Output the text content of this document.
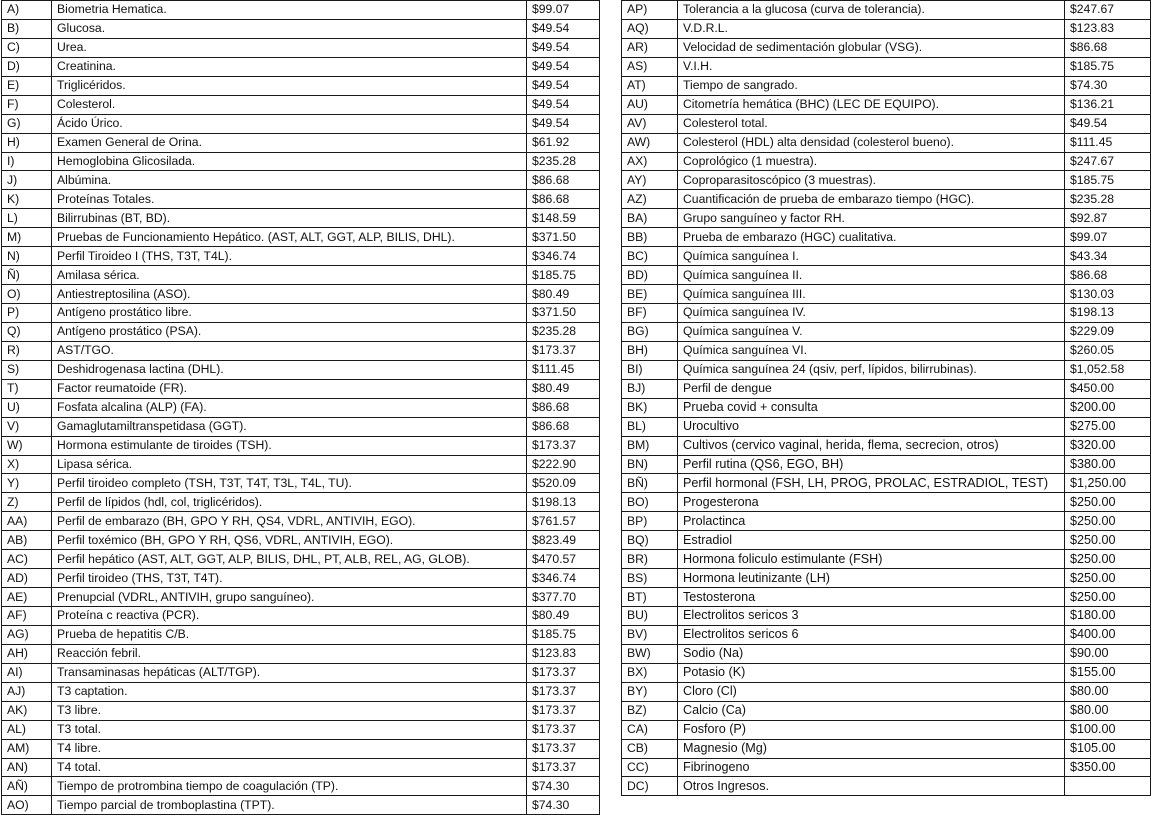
A)	Biometria Hematica.	$99.07
B)	Glucosa.	$49.54
C)	Urea.	$49.54
D)	Creatinina.	$49.54
E)	Triglicéridos.	$49.54
F)	Colesterol.	$49.54
G)	Ácido Úrico.	$49.54
H)	Examen General de Orina.	$61.92
I)	Hemoglobina Glicosilada.	$235.28
J)	Albúmina.	$86.68
K)	Proteínas Totales.	$86.68
L)	Bilirrubinas (BT, BD).	$148.59
M)	Pruebas de Funcionamiento Hepático. (AST, ALT, GGT, ALP, BILIS, DHL).	$371.50
N)	Perfil Tiroideo I (THS, T3T, T4L).	$346.74
Ñ)	Amilasa sérica.	$185.75
O)	Antiestreptosilina (ASO).	$80.49
P)	Antígeno prostático libre.	$371.50
Q)	Antígeno prostático (PSA).	$235.28
R)	AST/TGO.	$173.37
S)	Deshidrogenasa lactina (DHL).	$111.45
T)	Factor reumatoide (FR).	$80.49
U)	Fosfata alcalina (ALP) (FA).	$86.68
V)	Gamaglutamiltranspetidasa (GGT).	$86.68
W)	Hormona estimulante de tiroides (TSH).	$173.37
X)	Lipasa sérica.	$222.90
Y)	Perfil tiroideo completo (TSH, T3T, T4T, T3L, T4L, TU).	$520.09
Z)	Perfil de lípidos (hdl, col, triglicéridos).	$198.13
AA)	Perfil de embarazo (BH, GPO Y RH, QS4, VDRL, ANTIVIH, EGO).	$761.57
AB)	Perfil toxémico (BH, GPO Y RH, QS6, VDRL, ANTIVIH, EGO).	$823.49
AC)	Perfil hepático (AST, ALT, GGT, ALP, BILIS, DHL, PT, ALB, REL, AG, GLOB).	$470.57
AD)	Perfil tiroideo (THS, T3T, T4T).	$346.74
AE)	Prenupcial (VDRL, ANTIVIH, grupo sanguíneo).	$377.70
AF)	Proteína c reactiva (PCR).	$80.49
AG)	Prueba de hepatitis C/B.	$185.75
AH)	Reacción febril.	$123.83
AI)	Transaminasas hepáticas (ALT/TGP).	$173.37
AJ)	T3 captation.	$173.37
AK)	T3 libre.	$173.37
AL)	T3 total.	$173.37
AM)	T4 libre.	$173.37
AN)	T4 total.	$173.37
AÑ)	Tiempo de protrombina tiempo de coagulación (TP).	$74.30
AO)	Tiempo parcial de tromboplastina (TPT).	$74.30
AP)	Tolerancia a la glucosa (curva de tolerancia).	$247.67
AQ)	V.D.R.L.	$123.83
AR)	Velocidad de sedimentación globular (VSG).	$86.68
AS)	V.I.H.	$185.75
AT)	Tiempo de sangrado.	$74.30
AU)	Citometría hemática (BHC) (LEC DE EQUIPO).	$136.21
AV)	Colesterol total.	$49.54
AW)	Colesterol (HDL) alta densidad (colesterol bueno).	$111.45
AX)	Coprológico (1 muestra).	$247.67
AY)	Coproparasitoscópico (3 muestras).	$185.75
AZ)	Cuantificación de prueba de embarazo tiempo (HGC).	$235.28
BA)	Grupo sanguíneo y factor RH.	$92.87
BB)	Prueba de embarazo (HGC) cualitativa.	$99.07
BC)	Química sanguínea I.	$43.34
BD)	Química sanguínea II.	$86.68
BE)	Química sanguínea III.	$130.03
BF)	Química sanguínea IV.	$198.13
BG)	Química sanguínea V.	$229.09
BH)	Química sanguínea VI.	$260.05
BI)	Química sanguínea 24 (qsiv, perf, lípidos, bilirrubinas).	$1,052.58
BJ)	Perfil de dengue	$450.00
BK)	Prueba covid + consulta	$200.00
BL)	Urocultivo	$275.00
BM)	Cultivos (cervico vaginal, herida, flema, secrecion, otros)	$320.00
BN)	Perfil rutina (QS6, EGO, BH)	$380.00
BÑ)	Perfil hormonal (FSH, LH, PROG, PROLAC, ESTRADIOL, TEST)	$1,250.00
BO)	Progesterona	$250.00
BP)	Prolactinca	$250.00
BQ)	Estradiol	$250.00
BR)	Hormona foliculo estimulante (FSH)	$250.00
BS)	Hormona leutinizante (LH)	$250.00
BT)	Testosterona	$250.00
BU)	Electrolitos sericos 3	$180.00
BV)	Electrolitos sericos 6	$400.00
BW)	Sodio (Na)	$90.00
BX)	Potasio (K)	$155.00
BY)	Cloro (Cl)	$80.00
BZ)	Calcio (Ca)	$80.00
CA)	Fosforo (P)	$100.00
CB)	Magnesio (Mg)	$105.00
CC)	Fibrinogeno	$350.00
DC)	Otros Ingresos.	
